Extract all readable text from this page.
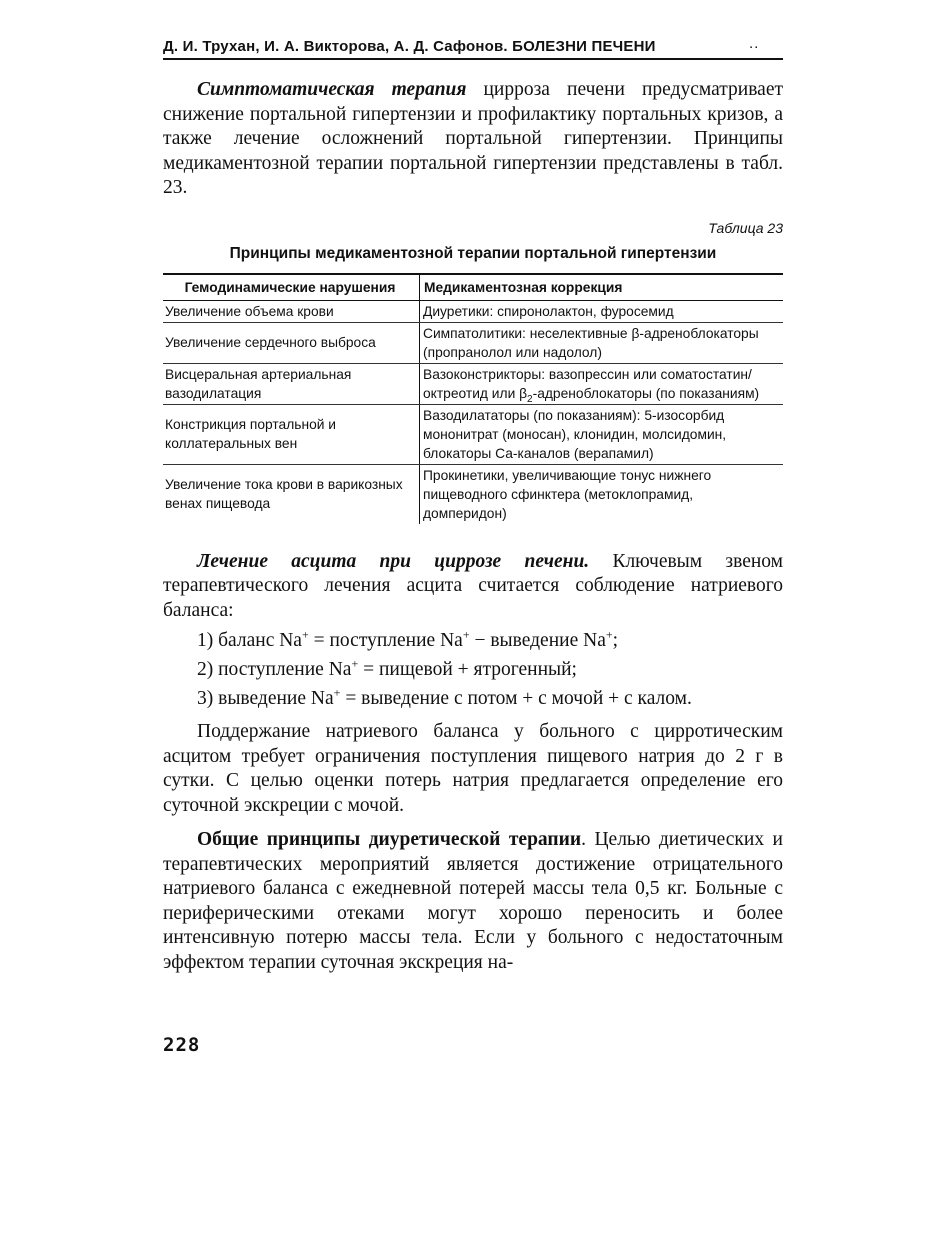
Д. И. Трухан, И. А. Викторова, А. Д. Сафонов. БОЛЕЗНИ ПЕЧЕНИ	··

Симптоматическая терапия цирроза печени предусматривает снижение портальной гипертензии и профилактику портальных кризов, а также лечение осложнений портальной гипертензии. Принципы медикаментозной терапии портальной гипертензии представлены в табл. 23.

Таблица 23
Принципы медикаментозной терапии портальной гипертензии
Гемодинамические нарушения	Медикаментозная коррекция
Увеличение объема крови	Диуретики: спиронолактон, фуросемид
Увеличение сердечного выброса	Симпатолитики: неселективные β-адреноблокаторы (пропранолол или надолол)
Висцеральная артериальная вазодилатация	Вазоконстрикторы: вазопрессин или соматостатин/октреотид или $\beta_2$-адреноблокаторы (по показаниям)
Констрикция портальной и коллатеральных вен	Вазодилататоры (по показаниям): 5-изосорбид мононитрат (моносан), клонидин, молсидомин, блокаторы Са-каналов (верапамил)
Увеличение тока крови в варикозных венах пищевода	Прокинетики, увеличивающие тонус нижнего пищеводного сфинктера (метоклопрамид, домперидон)

Лечение асцита при циррозе печени. Ключевым звеном терапевтического лечения асцита считается соблюдение натриевого баланса:

1) баланс Na+ = поступление Na+ − выведение Na+;

2) поступление Na+ = пищевой + ятрогенный;

3) выведение Na+ = выведение с потом + с мочой + с калом.

Поддержание натриевого баланса у больного с цирротическим асцитом требует ограничения поступления пищевого натрия до 2 г в сутки. С целью оценки потерь натрия предлагается определение его суточной экскреции с мочой.

Общие принципы диуретической терапии. Целью диетических и терапевтических мероприятий является достижение отрицательного натриевого баланса с ежедневной потерей массы тела 0,5 кг. Больные с периферическими отеками могут хорошо переносить и более интенсивную потерю массы тела. Если у больного с недостаточным эффектом терапии суточная экскреция на-

228
